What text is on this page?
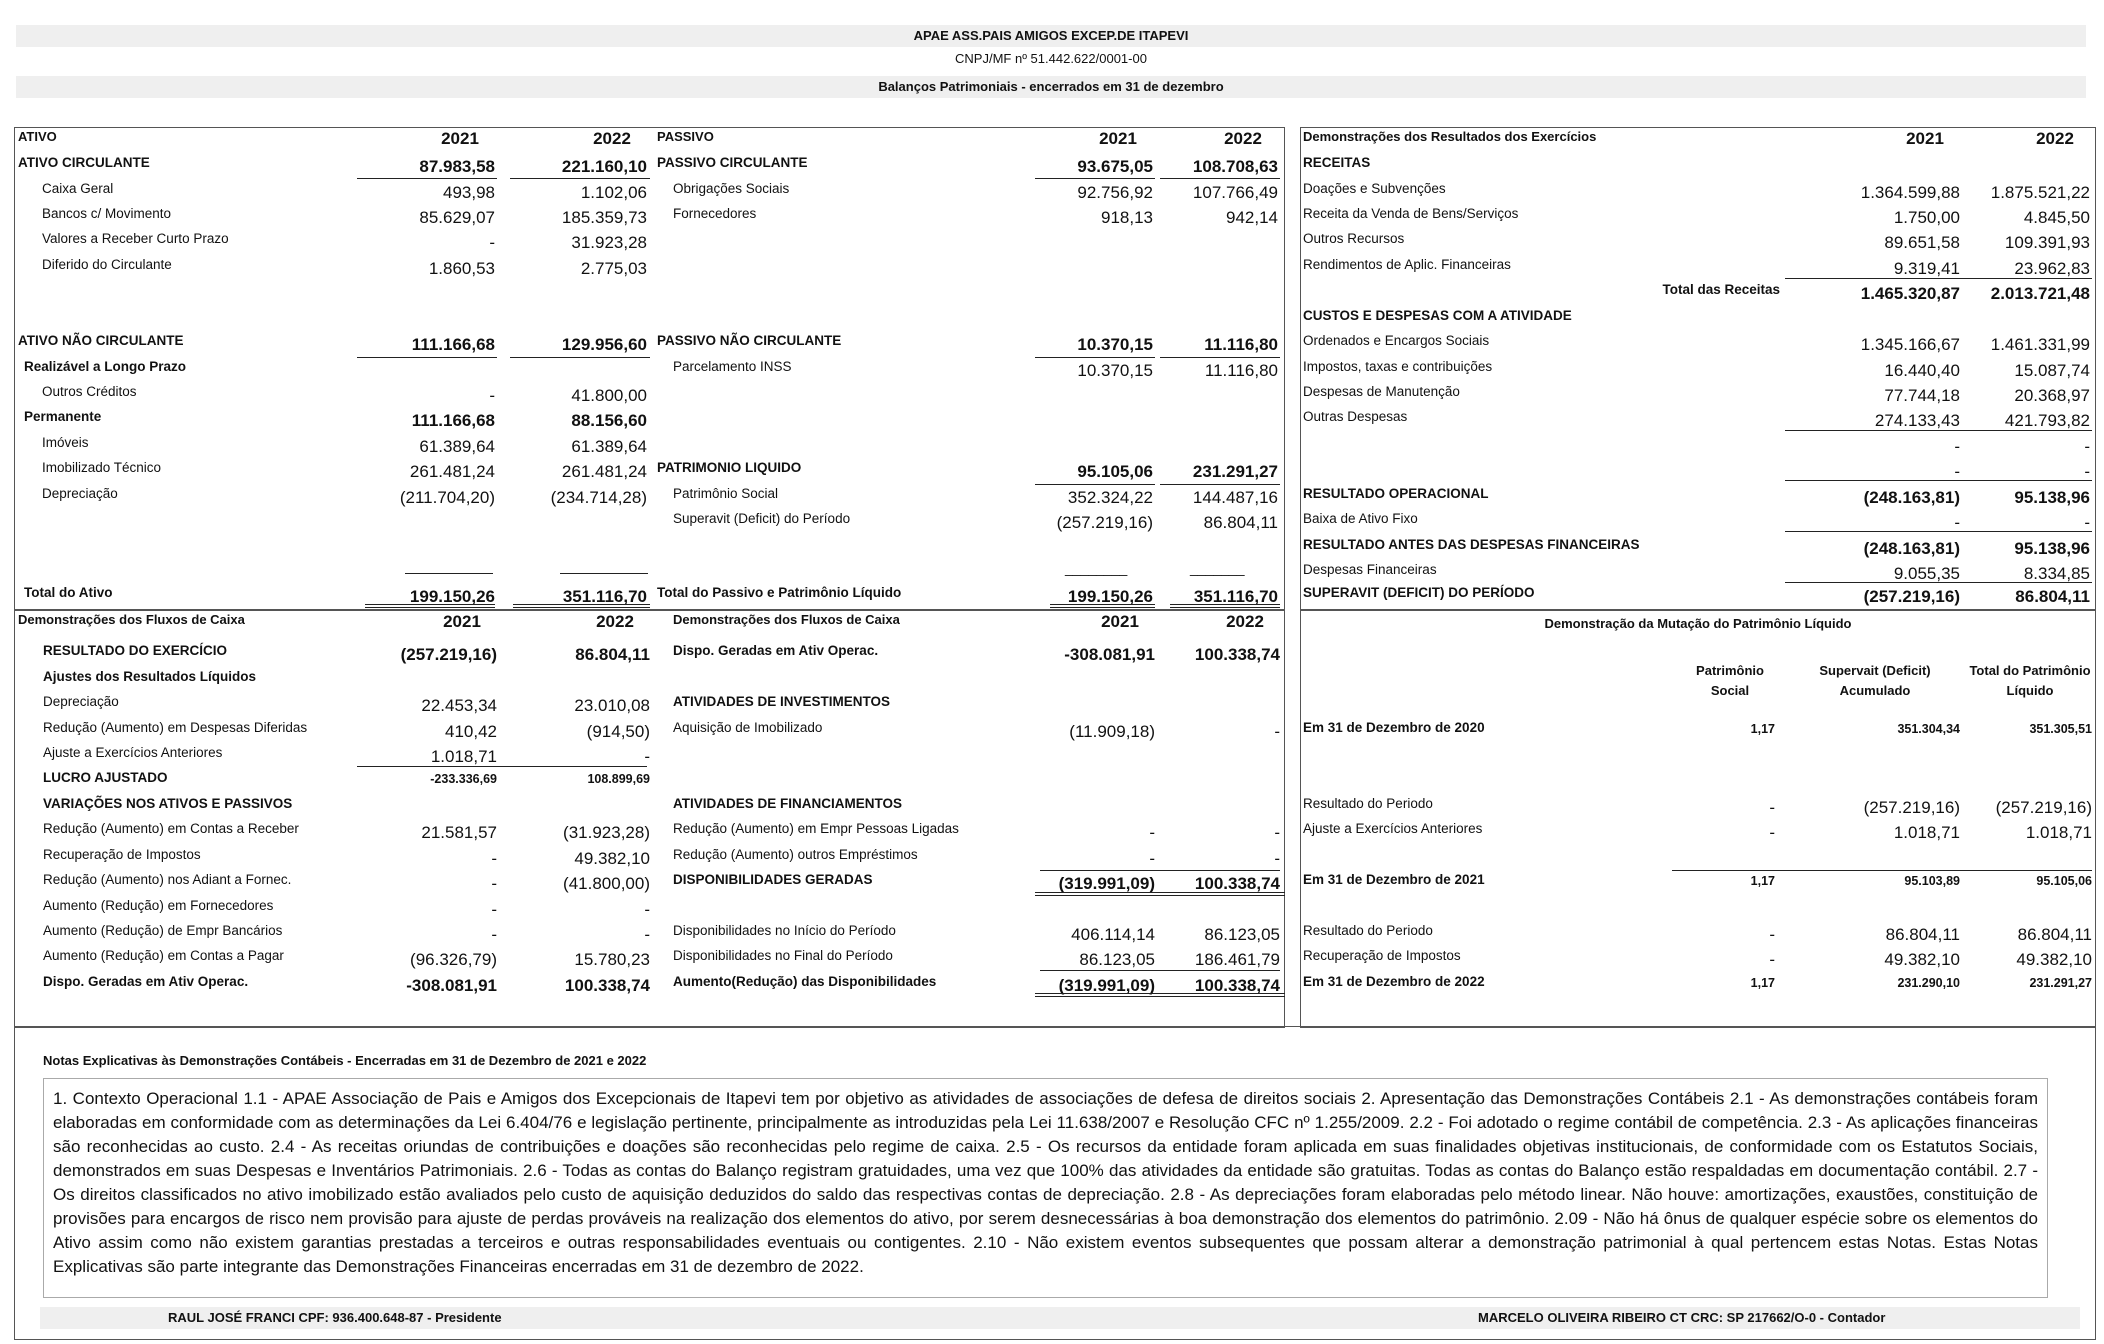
APAE ASS.PAIS AMIGOS EXCEP.DE ITAPEVI
CNPJ/MF nº 51.442.622/0001-00
Balanços Patrimoniais - encerrados em 31 de dezembro
ATIVO	2021	2022
ATIVO CIRCULANTE	87.983,58	221.160,10
Caixa Geral	493,98	1.102,06
Bancos c/ Movimento	85.629,07	185.359,73
Valores a Receber Curto Prazo	-	31.923,28
Diferido do Circulante	1.860,53	2.775,03
ATIVO NÃO CIRCULANTE	111.166,68	129.956,60
Realizável a Longo Prazo
Outros Créditos	-	41.800,00
Permanente	111.166,68	88.156,60
Imóveis	61.389,64	61.389,64
Imobilizado Técnico	261.481,24	261.481,24
Depreciação	(211.704,20)	(234.714,28)
Total do Ativo	199.150,26	351.116,70
PASSIVO	2021	2022
PASSIVO CIRCULANTE	93.675,05	108.708,63
Obrigações Sociais	92.756,92	107.766,49
Fornecedores	918,13	942,14
PASSIVO NÃO CIRCULANTE	10.370,15	11.116,80
Parcelamento INSS	10.370,15	11.116,80
PATRIMONIO LIQUIDO	95.105,06	231.291,27
Patrimônio Social	352.324,22	144.487,16
Superavit (Deficit) do Período	(257.219,16)	86.804,11
Total do Passivo e Patrimônio Líquido	199.150,26	351.116,70
________	_______
Demonstrações dos Resultados dos Exercícios	2021	2022
RECEITAS
Doações e Subvenções	1.364.599,88	1.875.521,22
Receita da Venda de Bens/Serviços	1.750,00	4.845,50
Outros Recursos	89.651,58	109.391,93
Rendimentos de Aplic. Financeiras	9.319,41	23.962,83
Total das Receitas	1.465.320,87	2.013.721,48
CUSTOS E DESPESAS COM A ATIVIDADE
Ordenados e Encargos Sociais	1.345.166,67	1.461.331,99
Impostos, taxas e contribuições	16.440,40	15.087,74
Despesas de Manutenção	77.744,18	20.368,97
Outras Despesas	274.133,43	421.793,82
-	-
-	-
RESULTADO OPERACIONAL	(248.163,81)	95.138,96
Baixa de Ativo Fixo	-	-
RESULTADO ANTES DAS DESPESAS FINANCEIRAS	(248.163,81)	95.138,96
Despesas Financeiras	9.055,35	8.334,85
SUPERAVIT (DEFICIT) DO PERÍODO	(257.219,16)	86.804,11
Demonstrações dos Fluxos de Caixa	2021	2022
RESULTADO DO EXERCÍCIO	(257.219,16)	86.804,11
Ajustes dos Resultados Líquidos
Depreciação	22.453,34	23.010,08
Redução (Aumento) em Despesas Diferidas	410,42	(914,50)
Ajuste a Exercícios Anteriores	1.018,71	-
LUCRO AJUSTADO	-233.336,69	108.899,69
VARIAÇÕES NOS ATIVOS E PASSIVOS
Redução (Aumento) em Contas a Receber	21.581,57	(31.923,28)
Recuperação de Impostos	-	49.382,10
Redução (Aumento) nos Adiant a Fornec.	-	(41.800,00)
Aumento (Redução) em Fornecedores	-	-
Aumento (Redução) de Empr Bancários	-	-
Aumento (Redução) em Contas a Pagar	(96.326,79)	15.780,23
Dispo. Geradas em Ativ Operac.	-308.081,91	100.338,74
Demonstrações dos Fluxos de Caixa	2021	2022
Dispo. Geradas em Ativ Operac.	-308.081,91	100.338,74
ATIVIDADES DE INVESTIMENTOS
Aquisição de Imobilizado	(11.909,18)	-
ATIVIDADES DE FINANCIAMENTOS
Redução (Aumento) em Empr Pessoas Ligadas	-	-
Redução (Aumento) outros Empréstimos	-	-
DISPONIBILIDADES GERADAS	(319.991,09)	100.338,74
Disponibilidades no Início do Período	406.114,14	86.123,05
Disponibilidades no Final do Período	86.123,05	186.461,79
Aumento(Redução) das Disponibilidades	(319.991,09)	100.338,74
Demonstração da Mutação do Patrimônio Líquido
Patrimônio Social
Supervait (Deficit) Acumulado
Total do Patrimônio Líquido
Em 31 de Dezembro de 2020	1,17	351.304,34	351.305,51
Resultado do Periodo	-	(257.219,16)	(257.219,16)
Ajuste a Exercícios Anteriores	-	1.018,71	1.018,71
Em 31 de Dezembro de 2021	1,17	95.103,89	95.105,06
Resultado do Periodo	-	86.804,11	86.804,11
Recuperação de Impostos	-	49.382,10	49.382,10
Em 31 de Dezembro de 2022	1,17	231.290,10	231.291,27
Notas Explicativas às Demonstrações Contábeis - Encerradas em 31 de Dezembro de 2021 e 2022
1. Contexto Operacional 1.1 - APAE Associação de Pais e Amigos dos Excepcionais de Itapevi tem por objetivo as atividades de associações de defesa de direitos sociais 2. Apresentação das Demonstrações Contábeis 2.1 - As demonstrações contábeis foram elaboradas em conformidade com as determinações da Lei 6.404/76 e legislação pertinente, principalmente as introduzidas pela Lei 11.638/2007 e Resolução CFC nº 1.255/2009. 2.2 - Foi adotado o regime contábil de competência. 2.3 - As aplicações financeiras são reconhecidas ao custo. 2.4 - As receitas oriundas de contribuições e doações são reconhecidas pelo regime de caixa. 2.5 - Os recursos da entidade foram aplicada em suas finalidades objetivas institucionais, de conformidade com os Estatutos Sociais, demonstrados em suas Despesas e Inventários Patrimoniais. 2.6 - Todas as contas do Balanço registram gratuidades, uma vez que 100% das atividades da entidade são gratuitas. Todas as contas do Balanço estão respaldadas em documentação contábil. 2.7 - Os direitos classificados no ativo imobilizado estão avaliados pelo custo de aquisição deduzidos do saldo das respectivas contas de depreciação. 2.8 - As depreciações foram elaboradas pelo método linear. Não houve: amortizações, exaustões, constituição de provisões para encargos de risco nem provisão para ajuste de perdas prováveis na realização dos elementos do ativo, por serem desnecessárias à boa demonstração dos elementos do patrimônio. 2.09 - Não há ônus de qualquer espécie sobre os elementos do Ativo assim como não existem garantias prestadas a terceiros e outras responsabilidades eventuais ou contigentes. 2.10 - Não existem eventos subsequentes que possam alterar a demonstração patrimonial à qual pertencem estas Notas. Estas Notas Explicativas são parte integrante das Demonstrações Financeiras encerradas em 31 de dezembro de 2022.
RAUL JOSÉ FRANCI CPF: 936.400.648-87 - Presidente	MARCELO OLIVEIRA RIBEIRO CT CRC: SP 217662/O-0 - Contador
